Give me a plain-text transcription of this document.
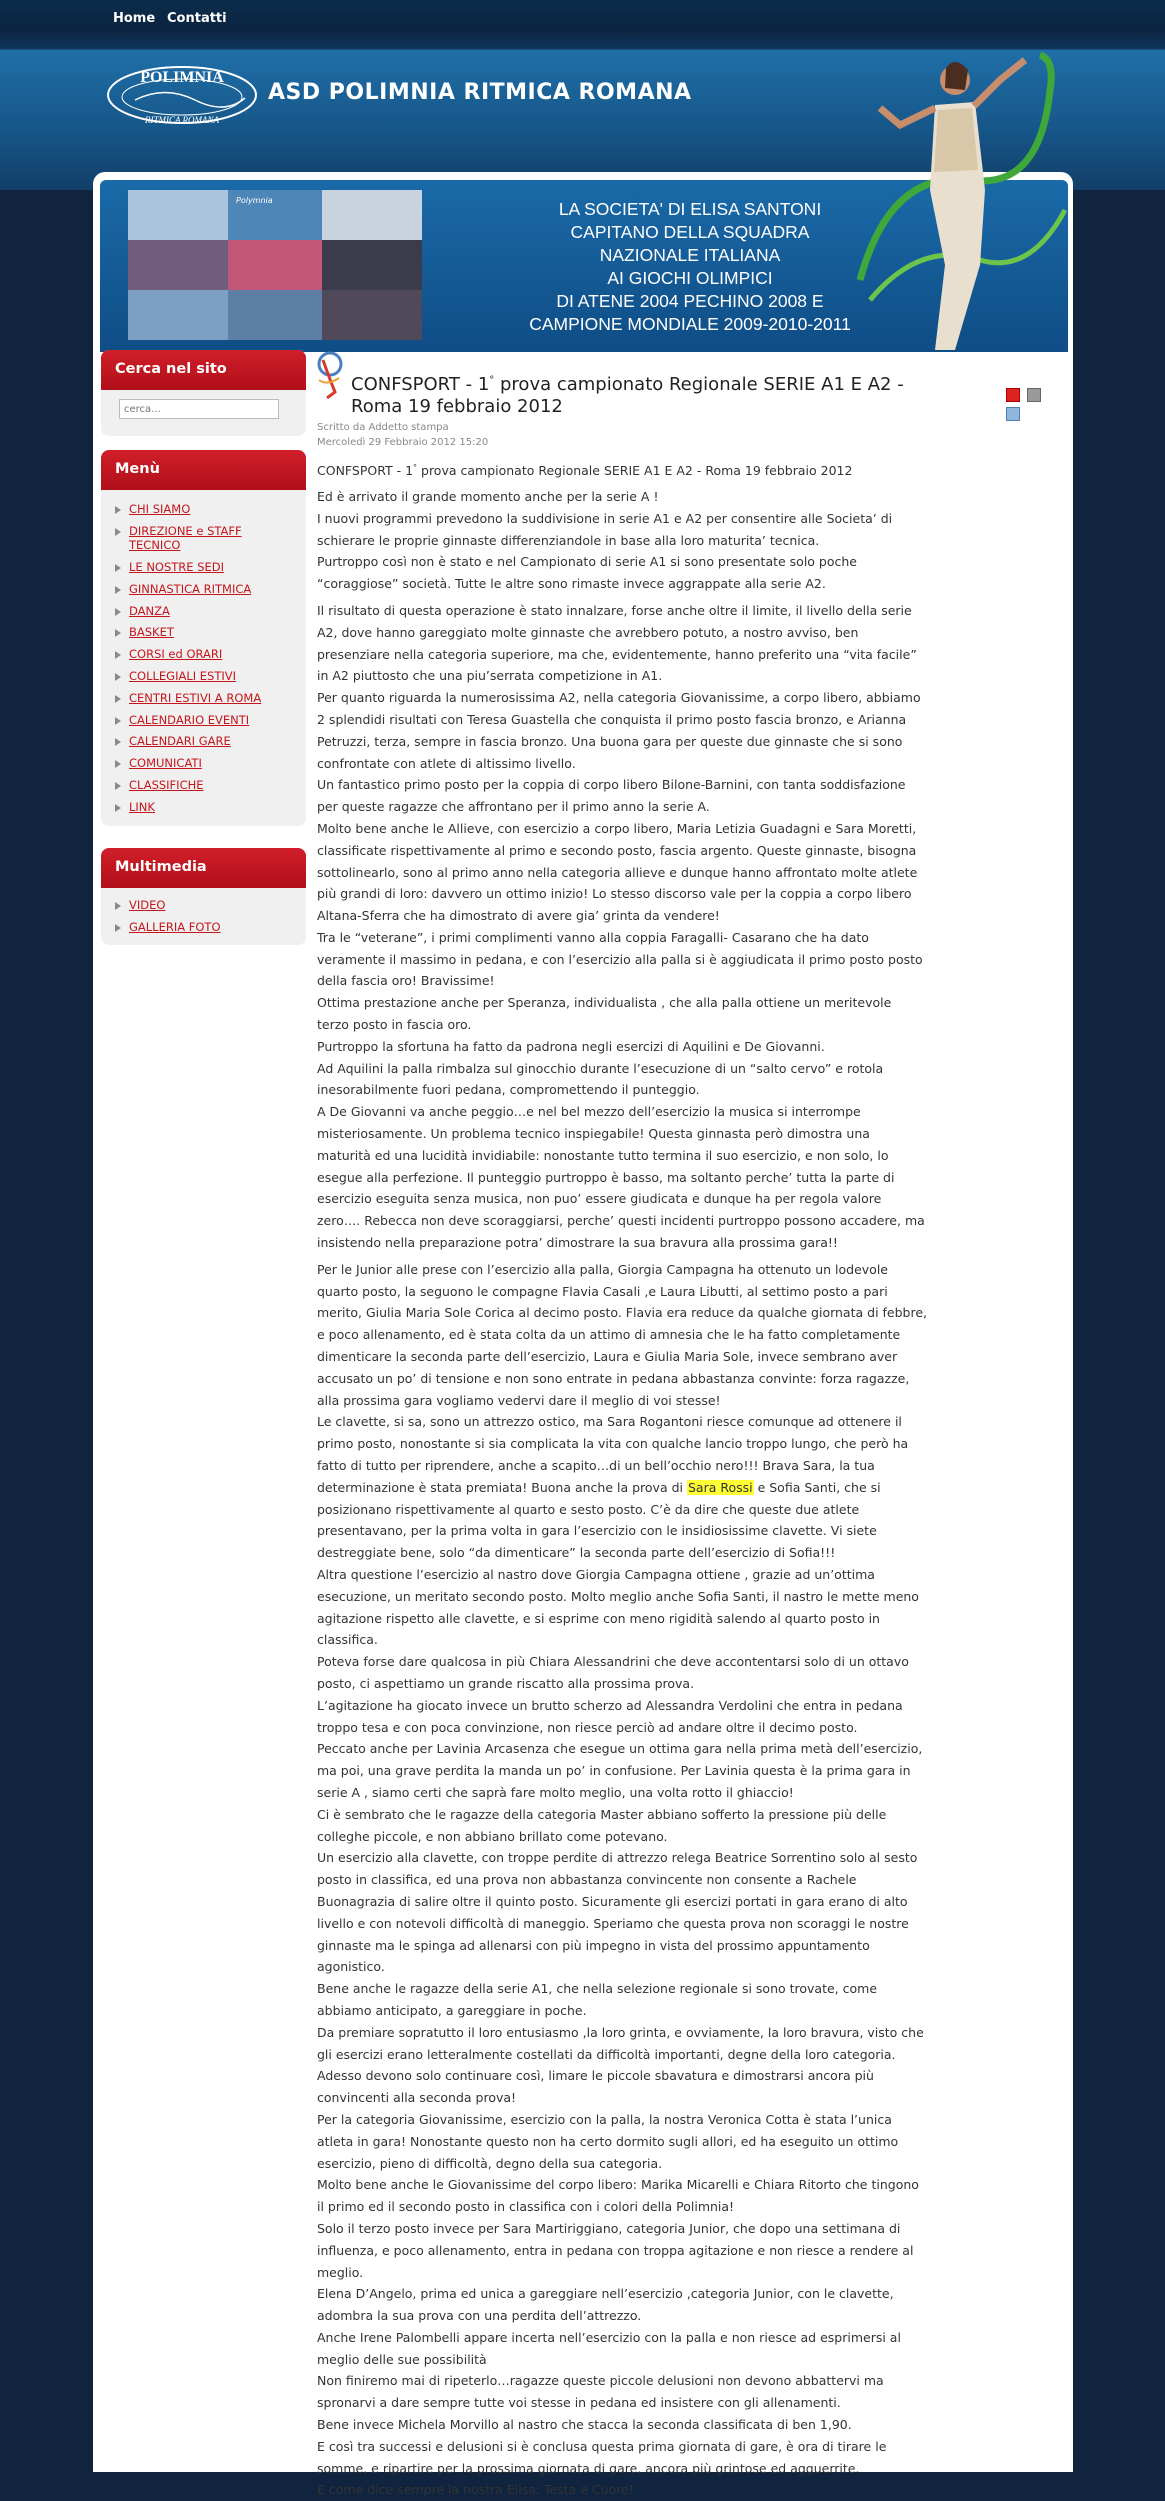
Home Contatti
POLIMNIA
RITMICA ROMANA
ASD POLIMNIA RITMICA ROMANA
Polymnia	LA SOCIETA' DI ELISA SANTONI
CAPITANO DELLA SQUADRA
NAZIONALE ITALIANA
AI GIOCHI OLIMPICI
DI ATENE 2004 PECHINO 2008 E
CAMPIONE MONDIALE 2009-2010-2011
Cerca nel sito
cerca...
Menù
CHI SIAMO
DIREZIONE e STAFF TECNICO
LE NOSTRE SEDI
GINNASTICA RITMICA
DANZA
BASKET
CORSI ed ORARI
COLLEGIALI ESTIVI
CENTRI ESTIVI A ROMA
CALENDARIO EVENTI
CALENDARI GARE
COMUNICATI
CLASSIFICHE
LINK
Multimedia
VIDEO
GALLERIA FOTO
CONFSPORT - 1° prova campionato Regionale SERIE A1 E A2 - Roma 19 febbraio 2012

Scritto da Addetto stampa
Mercoledì 29 Febbraio 2012 15:20

CONFSPORT - 1° prova campionato Regionale SERIE A1 E A2 - Roma 19 febbraio 2012

Ed è arrivato il grande momento anche per la serie A !

I nuovi programmi prevedono la suddivisione in serie A1 e A2 per consentire alle Societa’ di schierare le proprie ginnaste differenziandole in base alla loro maturita’ tecnica.

Purtroppo così non è stato e nel Campionato di serie A1 si sono presentate solo poche “coraggiose” società. Tutte le altre sono rimaste invece aggrappate alla serie A2.

Il risultato di questa operazione è stato innalzare, forse anche oltre il limite, il livello della serie A2, dove hanno gareggiato molte ginnaste che avrebbero potuto, a nostro avviso, ben presenziare nella categoria superiore, ma che, evidentemente, hanno preferito una “vita facile” in A2 piuttosto che una piu’serrata competizione in A1.

Per quanto riguarda la numerosissima A2, nella categoria Giovanissime, a corpo libero, abbiamo 2 splendidi risultati con Teresa Guastella che conquista il primo posto fascia bronzo, e Arianna Petruzzi, terza, sempre in fascia bronzo. Una buona gara per queste due ginnaste che si sono confrontate con atlete di altissimo livello.

Un fantastico primo posto per la coppia di corpo libero Bilone-Barnini, con tanta soddisfazione per queste ragazze che affrontano per il primo anno la serie A.

Molto bene anche le Allieve, con esercizio a corpo libero, Maria Letizia Guadagni e Sara Moretti, classificate rispettivamente al primo e secondo posto, fascia argento. Queste ginnaste, bisogna sottolinearlo, sono al primo anno nella categoria allieve e dunque hanno affrontato molte atlete più grandi di loro: davvero un ottimo inizio! Lo stesso discorso vale per la coppia a corpo libero Altana-Sferra che ha dimostrato di avere gia’ grinta da vendere!

Tra le “veterane”, i primi complimenti vanno alla coppia Faragalli- Casarano che ha dato veramente il massimo in pedana, e con l’esercizio alla palla si è aggiudicata il primo posto posto della fascia oro! Bravissime!

Ottima prestazione anche per Speranza, individualista , che alla palla ottiene un meritevole terzo posto in fascia oro.

Purtroppo la sfortuna ha fatto da padrona negli esercizi di Aquilini e De Giovanni.

Ad Aquilini la palla rimbalza sul ginocchio durante l’esecuzione di un “salto cervo” e rotola inesorabilmente fuori pedana, compromettendo il punteggio.

A De Giovanni va anche peggio…e nel bel mezzo dell’esercizio la musica si interrompe misteriosamente. Un problema tecnico inspiegabile! Questa ginnasta però dimostra una maturità ed una lucidità invidiabile: nonostante tutto termina il suo esercizio, e non solo, lo esegue alla perfezione. Il punteggio purtroppo è basso, ma soltanto perche’ tutta la parte di esercizio eseguita senza musica, non puo’ essere giudicata e dunque ha per regola valore zero…. Rebecca non deve scoraggiarsi, perche’ questi incidenti purtroppo possono accadere, ma insistendo nella preparazione potra’ dimostrare la sua bravura alla prossima gara!!

Per le Junior alle prese con l’esercizio alla palla, Giorgia Campagna ha ottenuto un lodevole quarto posto, la seguono le compagne Flavia Casali ,e Laura Libutti, al settimo posto a pari merito, Giulia Maria Sole Corica al decimo posto. Flavia era reduce da qualche giornata di febbre, e poco allenamento, ed è stata colta da un attimo di amnesia che le ha fatto completamente dimenticare la seconda parte dell’esercizio, Laura e Giulia Maria Sole, invece sembrano aver accusato un po’ di tensione e non sono entrate in pedana abbastanza convinte: forza ragazze, alla prossima gara vogliamo vedervi dare il meglio di voi stesse!

Le clavette, si sa, sono un attrezzo ostico, ma Sara Rogantoni riesce comunque ad ottenere il primo posto, nonostante si sia complicata la vita con qualche lancio troppo lungo, che però ha fatto di tutto per riprendere, anche a scapito…di un bell’occhio nero!!! Brava Sara, la tua determinazione è stata premiata! Buona anche la prova di Sara Rossi e Sofia Santi, che si posizionano rispettivamente al quarto e sesto posto. C’è da dire che queste due atlete presentavano, per la prima volta in gara l’esercizio con le insidiosissime clavette. Vi siete destreggiate bene, solo “da dimenticare” la seconda parte dell’esercizio di Sofia!!!

Altra questione l’esercizio al nastro dove Giorgia Campagna ottiene , grazie ad un’ottima esecuzione, un meritato secondo posto. Molto meglio anche Sofia Santi, il nastro le mette meno agitazione rispetto alle clavette, e si esprime con meno rigidità salendo al quarto posto in classifica.

Poteva forse dare qualcosa in più Chiara Alessandrini che deve accontentarsi solo di un ottavo posto, ci aspettiamo un grande riscatto alla prossima prova.

L’agitazione ha giocato invece un brutto scherzo ad Alessandra Verdolini che entra in pedana troppo tesa e con poca convinzione, non riesce perciò ad andare oltre il decimo posto.

Peccato anche per Lavinia Arcasenza che esegue un ottima gara nella prima metà dell’esercizio, ma poi, una grave perdita la manda un po’ in confusione. Per Lavinia questa è la prima gara in serie A , siamo certi che saprà fare molto meglio, una volta rotto il ghiaccio!

Ci è sembrato che le ragazze della categoria Master abbiano sofferto la pressione più delle colleghe piccole, e non abbiano brillato come potevano.

Un esercizio alla clavette, con troppe perdite di attrezzo relega Beatrice Sorrentino solo al sesto posto in classifica, ed una prova non abbastanza convincente non consente a Rachele Buonagrazia di salire oltre il quinto posto. Sicuramente gli esercizi portati in gara erano di alto livello e con notevoli difficoltà di maneggio. Speriamo che questa prova non scoraggi le nostre ginnaste ma le spinga ad allenarsi con più impegno in vista del prossimo appuntamento agonistico.

Bene anche le ragazze della serie A1, che nella selezione regionale si sono trovate, come abbiamo anticipato, a gareggiare in poche.

Da premiare sopratutto il loro entusiasmo ,la loro grinta, e ovviamente, la loro bravura, visto che gli esercizi erano letteralmente costellati da difficoltà importanti, degne della loro categoria.

Adesso devono solo continuare così, limare le piccole sbavatura e dimostrarsi ancora più convincenti alla seconda prova!

Per la categoria Giovanissime, esercizio con la palla, la nostra Veronica Cotta è stata l’unica atleta in gara! Nonostante questo non ha certo dormito sugli allori, ed ha eseguito un ottimo esercizio, pieno di difficoltà, degno della sua categoria.

Molto bene anche le Giovanissime del corpo libero: Marika Micarelli e Chiara Ritorto che tingono il primo ed il secondo posto in classifica con i colori della Polimnia!

Solo il terzo posto invece per Sara Martiriggiano, categoria Junior, che dopo una settimana di influenza, e poco allenamento, entra in pedana con troppa agitazione e non riesce a rendere al meglio.

Elena D’Angelo, prima ed unica a gareggiare nell’esercizio ,categoria Junior, con le clavette, adombra la sua prova con una perdita dell’attrezzo.

Anche Irene Palombelli appare incerta nell’esercizio con la palla e non riesce ad esprimersi al meglio delle sue possibilità

Non finiremo mai di ripeterlo…ragazze queste piccole delusioni non devono abbattervi ma spronarvi a dare sempre tutte voi stesse in pedana ed insistere con gli allenamenti.

Bene invece Michela Morvillo al nastro che stacca la seconda classificata di ben 1,90.

E così tra successi e delusioni si è conclusa questa prima giornata di gare, è ora di tirare le somme, e ripartire per la prossima giornata di gare, ancora più grintose ed agguerrite.

E come dice sempre la nostra Elisa: Testa e Cuore!
